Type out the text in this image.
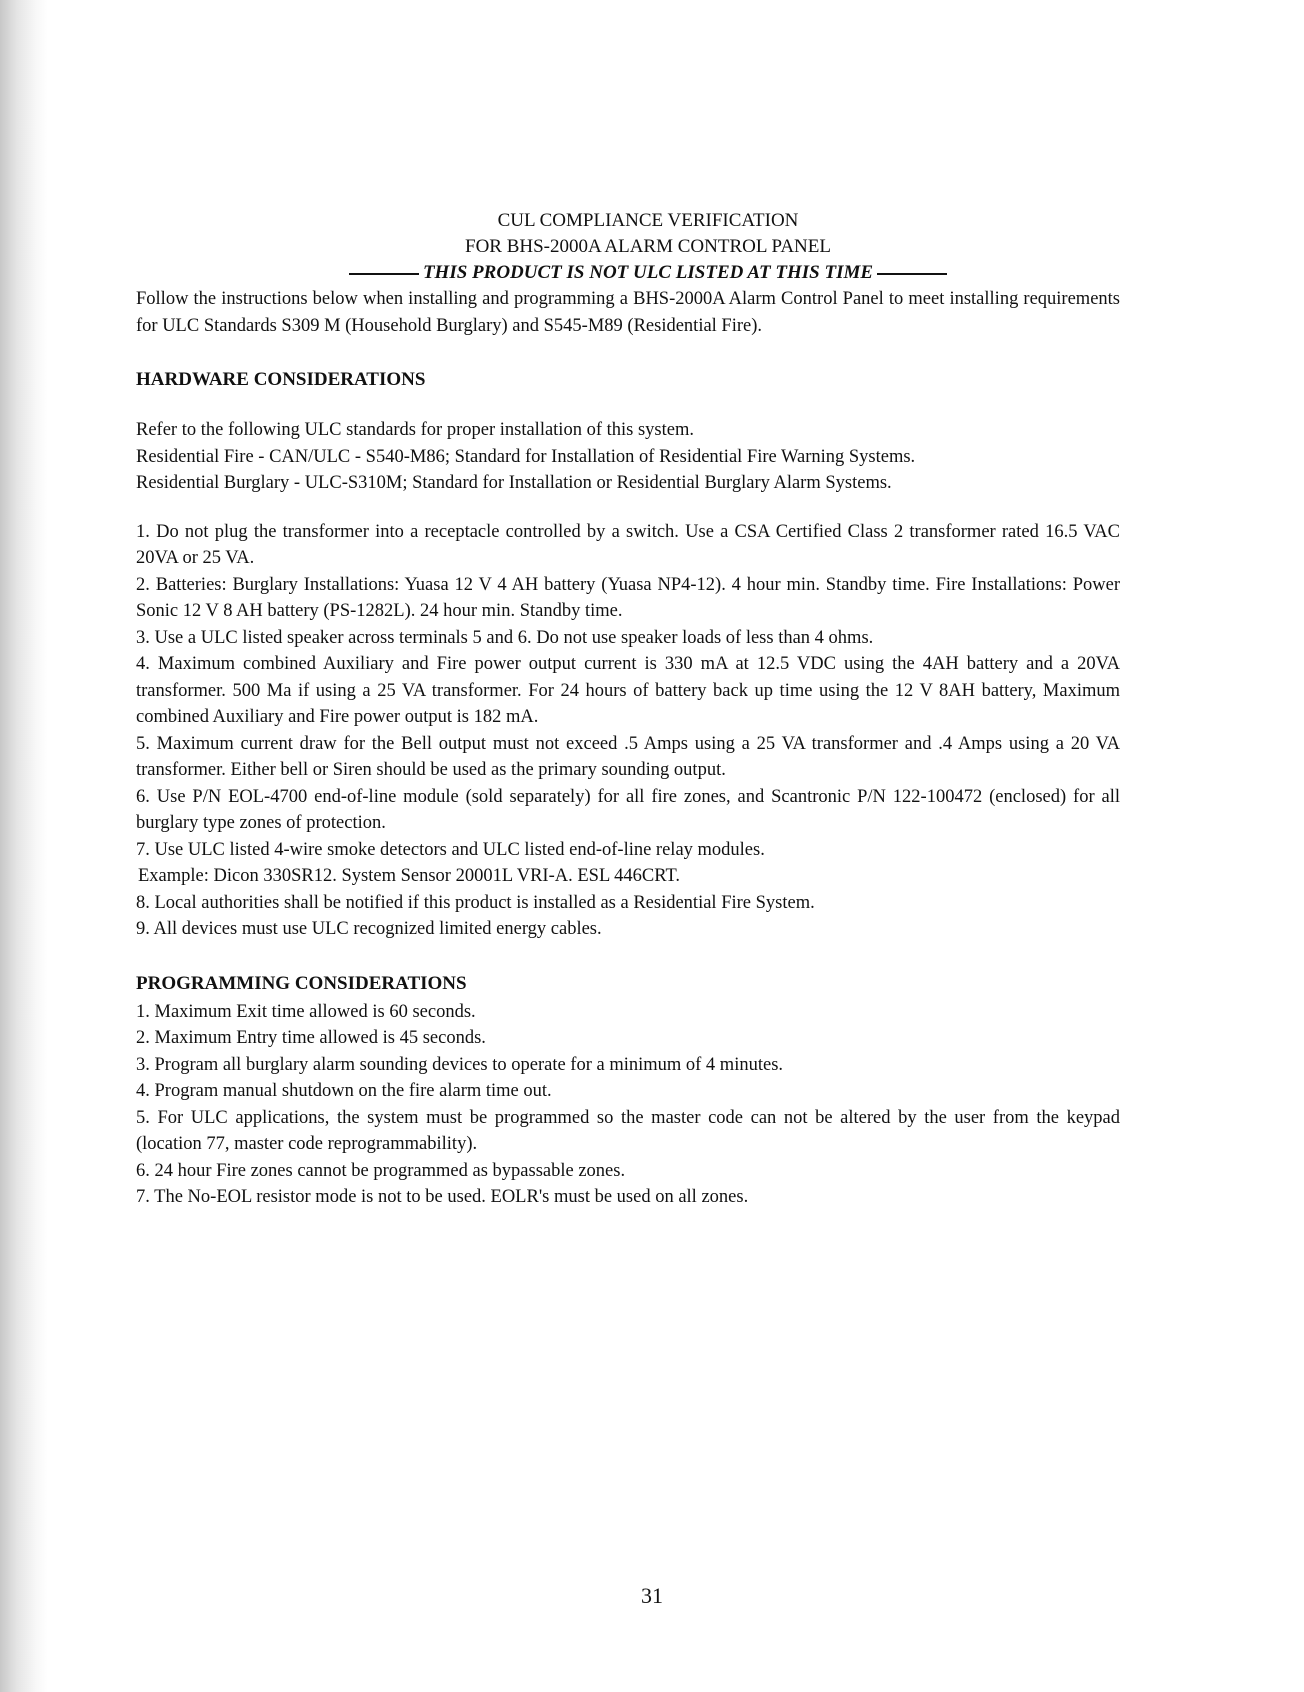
CUL COMPLIANCE VERIFICATION
FOR BHS-2000A ALARM CONTROL PANEL
THIS PRODUCT IS NOT ULC LISTED AT THIS TIME

Follow the instructions below when installing and programming a BHS-2000A Alarm Control Panel to meet installing requirements for ULC Standards S309 M (Household Burglary) and S545-M89 (Residential Fire).

HARDWARE CONSIDERATIONS

Refer to the following ULC standards for proper installation of this system.

Residential Fire - CAN/ULC - S540-M86; Standard for Installation of Residential Fire Warning Systems.

Residential Burglary - ULC-S310M; Standard for Installation or Residential Burglary Alarm Systems.

1. Do not plug the transformer into a receptacle controlled by a switch. Use a CSA Certified Class 2 transformer rated 16.5 VAC 20VA or 25 VA.

2. Batteries: Burglary Installations: Yuasa 12 V 4 AH battery (Yuasa NP4-12). 4 hour min. Standby time. Fire Installations: Power Sonic 12 V 8 AH battery (PS-1282L). 24 hour min. Standby time.

3. Use a ULC listed speaker across terminals 5 and 6. Do not use speaker loads of less than 4 ohms.

4. Maximum combined Auxiliary and Fire power output current is 330 mA at 12.5 VDC using the 4AH battery and a 20VA transformer. 500 Ma if using a 25 VA transformer. For 24 hours of battery back up time using the 12 V 8AH battery, Maximum combined Auxiliary and Fire power output is 182 mA.

5. Maximum current draw for the Bell output must not exceed .5 Amps using a 25 VA transformer and .4 Amps using a 20 VA transformer. Either bell or Siren should be used as the primary sounding output.

6. Use P/N EOL-4700 end-of-line module (sold separately) for all fire zones, and Scantronic P/N 122-100472 (enclosed) for all burglary type zones of protection.

7. Use ULC listed 4-wire smoke detectors and ULC listed end-of-line relay modules.

Example: Dicon 330SR12. System Sensor 20001L VRI-A. ESL 446CRT.

8. Local authorities shall be notified if this product is installed as a Residential Fire System.

9. All devices must use ULC recognized limited energy cables.

PROGRAMMING CONSIDERATIONS

1. Maximum Exit time allowed is 60 seconds.

2. Maximum Entry time allowed is 45 seconds.

3. Program all burglary alarm sounding devices to operate for a minimum of 4 minutes.

4. Program manual shutdown on the fire alarm time out.

5. For ULC applications, the system must be programmed so the master code can not be altered by the user from the keypad (location 77, master code reprogrammability).

6. 24 hour Fire zones cannot be programmed as bypassable zones.

7. The No-EOL resistor mode is not to be used. EOLR's must be used on all zones.

31
